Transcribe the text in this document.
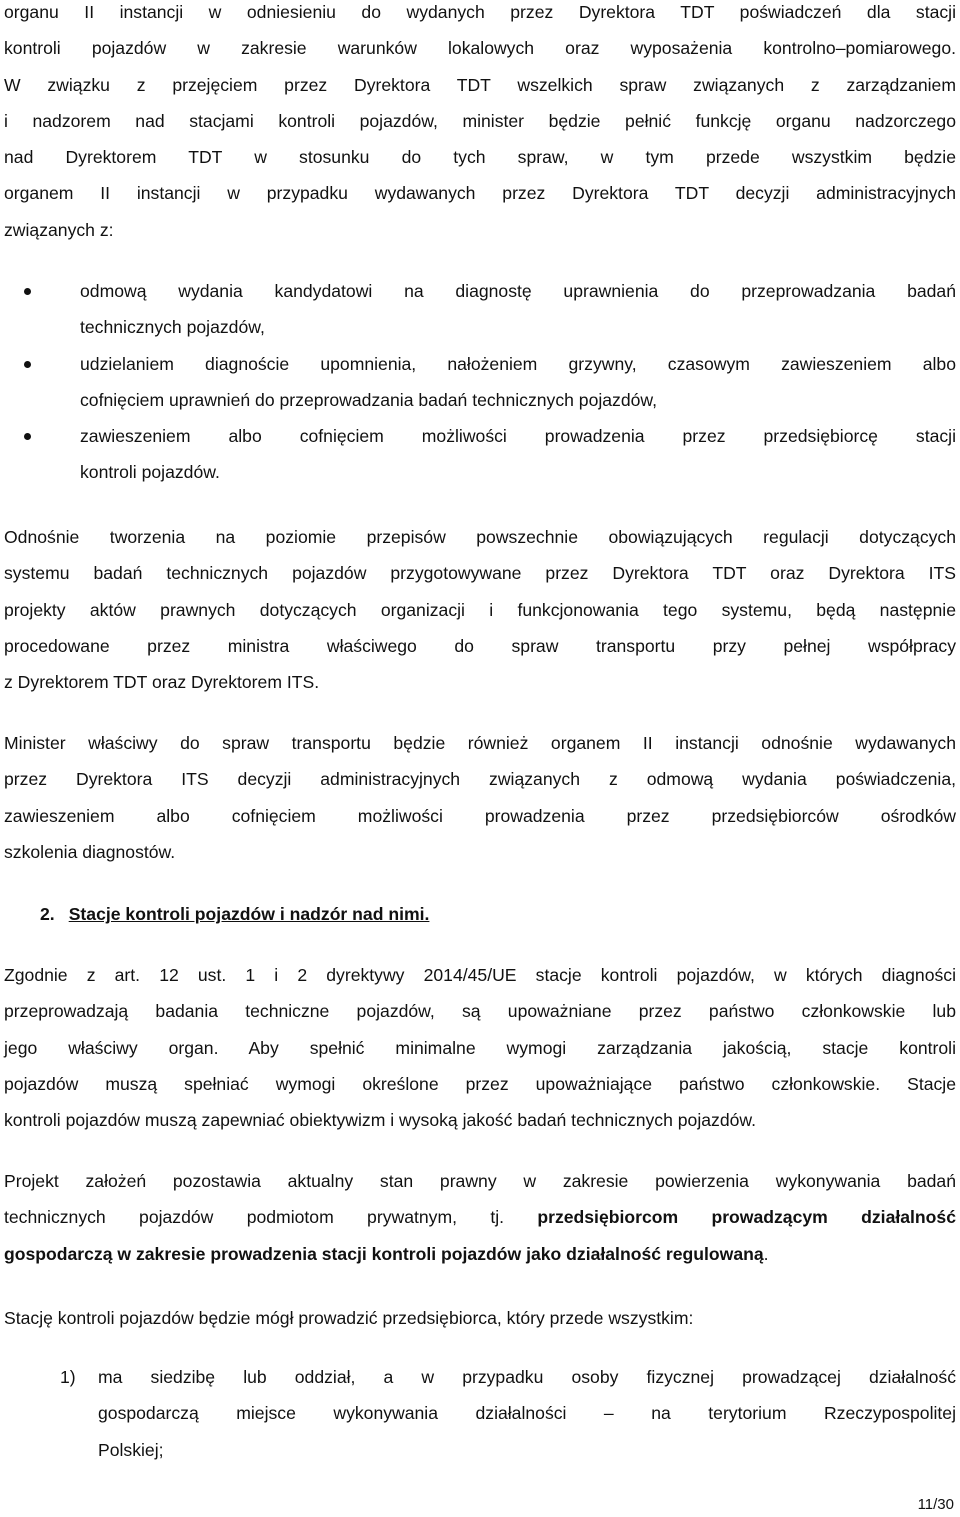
organu II instancji w odniesieniu do wydanych przez Dyrektora TDT poświadczeń dla stacji
kontroli pojazdów w zakresie warunków lokalowych oraz wyposażenia kontrolno–pomiarowego.
W związku z przejęciem przez Dyrektora TDT wszelkich spraw związanych z zarządzaniem
i nadzorem nad stacjami kontroli pojazdów, minister będzie pełnić funkcję organu nadzorczego
nad Dyrektorem TDT w stosunku do tych spraw, w tym przede wszystkim będzie
organem II instancji w przypadku wydawanych przez Dyrektora TDT decyzji administracyjnych
związanych z:
odmową wydania kandydatowi na diagnostę uprawnienia do przeprowadzania badań
technicznych pojazdów,
udzielaniem diagnoście upomnienia, nałożeniem grzywny, czasowym zawieszeniem albo
cofnięciem uprawnień do przeprowadzania badań technicznych pojazdów,
zawieszeniem albo cofnięciem możliwości prowadzenia przez przedsiębiorcę stacji
kontroli pojazdów.
Odnośnie tworzenia na poziomie przepisów powszechnie obowiązujących regulacji dotyczących
systemu badań technicznych pojazdów przygotowywane przez Dyrektora TDT oraz Dyrektora ITS
projekty aktów prawnych dotyczących organizacji i funkcjonowania tego systemu, będą następnie
procedowane przez ministra właściwego do spraw transportu przy pełnej współpracy
z Dyrektorem TDT oraz Dyrektorem ITS.
Minister właściwy do spraw transportu będzie również organem II instancji odnośnie wydawanych
przez Dyrektora ITS decyzji administracyjnych związanych z odmową wydania poświadczenia,
zawieszeniem albo cofnięciem możliwości prowadzenia przez przedsiębiorców ośrodków
szkolenia diagnostów.
2. Stacje kontroli pojazdów i nadzór nad nimi.
Zgodnie z art. 12 ust. 1 i 2 dyrektywy 2014/45/UE stacje kontroli pojazdów, w których diagności
przeprowadzają badania techniczne pojazdów, są upoważniane przez państwo członkowskie lub
jego właściwy organ. Aby spełnić minimalne wymogi zarządzania jakością, stacje kontroli
pojazdów muszą spełniać wymogi określone przez upoważniające państwo członkowskie. Stacje
kontroli pojazdów muszą zapewniać obiektywizm i wysoką jakość badań technicznych pojazdów.
Projekt założeń pozostawia aktualny stan prawny w zakresie powierzenia wykonywania badań
technicznych pojazdów podmiotom prywatnym, tj. przedsiębiorcom prowadzącym działalność
gospodarczą w zakresie prowadzenia stacji kontroli pojazdów jako działalność regulowaną.
Stację kontroli pojazdów będzie mógł prowadzić przedsiębiorca, który przede wszystkim:
1) ma siedzibę lub oddział, a w przypadku osoby fizycznej prowadzącej działalność
gospodarczą miejsce wykonywania działalności – na terytorium Rzeczypospolitej
Polskiej;
11/30
